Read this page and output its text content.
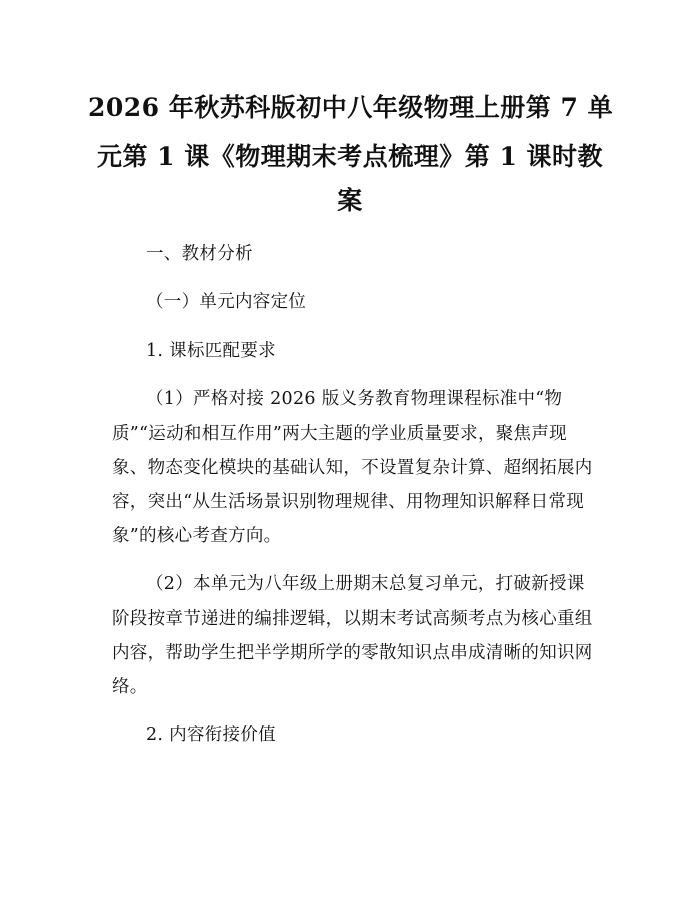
2026 年秋苏科版初中八年级物理上册第 7 单
元第 1 课《物理期末考点梳理》第 1 课时教
案
一、教材分析
（一）单元内容定位
1. 课标匹配要求
（1）严格对接 2026 版义务教育物理课程标准中“物
质”“运动和相互作用”两大主题的学业质量要求，聚焦声现
象、物态变化模块的基础认知，不设置复杂计算、超纲拓展内
容，突出“从生活场景识别物理规律、用物理知识解释日常现
象”的核心考查方向。
（2）本单元为八年级上册期末总复习单元，打破新授课
阶段按章节递进的编排逻辑，以期末考试高频考点为核心重组
内容，帮助学生把半学期所学的零散知识点串成清晰的知识网
络。
2. 内容衔接价值
